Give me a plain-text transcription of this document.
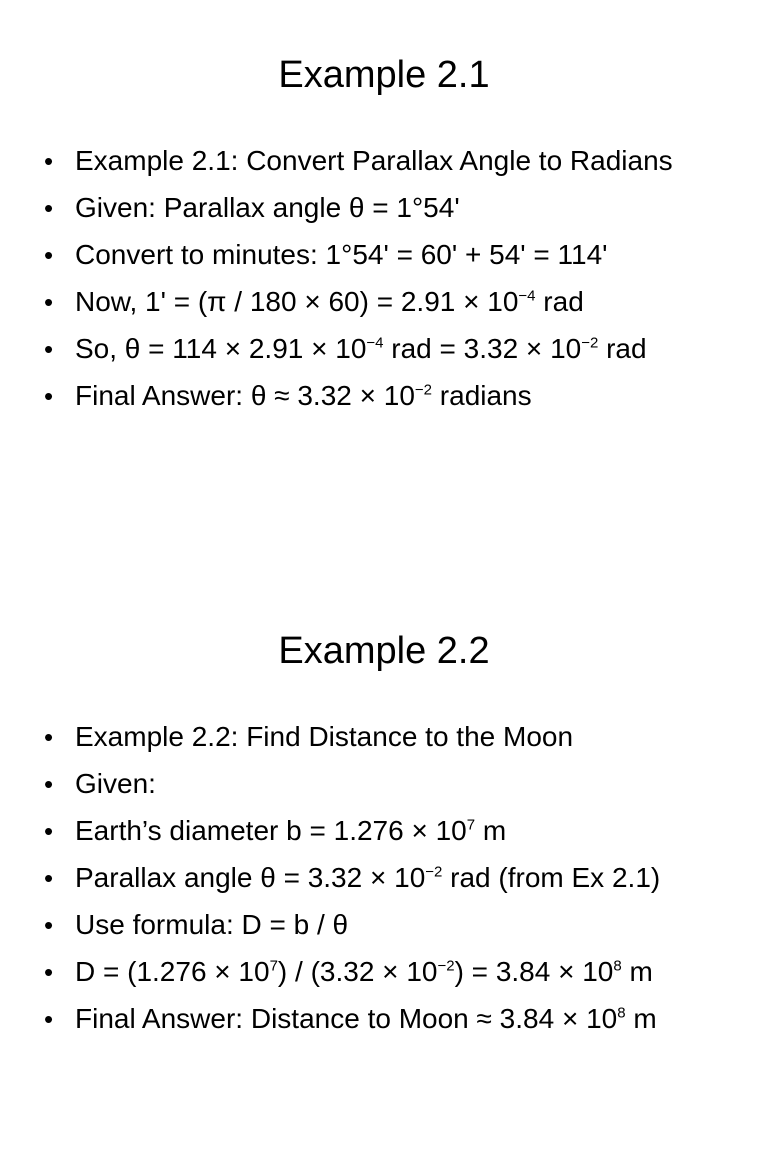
Example 2.1
• Example 2.1: Convert Parallax Angle to Radians
• Given: Parallax angle θ = 1°54'
• Convert to minutes: 1°54' = 60' + 54' = 114'
• Now, $1' = (\pi / 180 \times 60) = 2.91 \times 10^{-4}$ rad
• So, $\theta = 114 \times 2.91 \times 10^{-4}$ rad = $3.32 \times 10^{-2}$ rad
• Final Answer: $\theta \approx 3.32 \times 10^{-2}$ radians
Example 2.2
• Example 2.2: Find Distance to the Moon
• Given:
• Earth’s diameter $b = 1.276 \times 10^7$ m
• Parallax angle $\theta = 3.32 \times 10^{-2}$ rad (from Ex 2.1)
• Use formula: D = b / θ
• $D = (1.276 \times 10^7) / (3.32 \times 10^{-2}) = 3.84 \times 10^8$ m
• Final Answer: Distance to Moon ≈ $3.84 \times 10^8$ m
